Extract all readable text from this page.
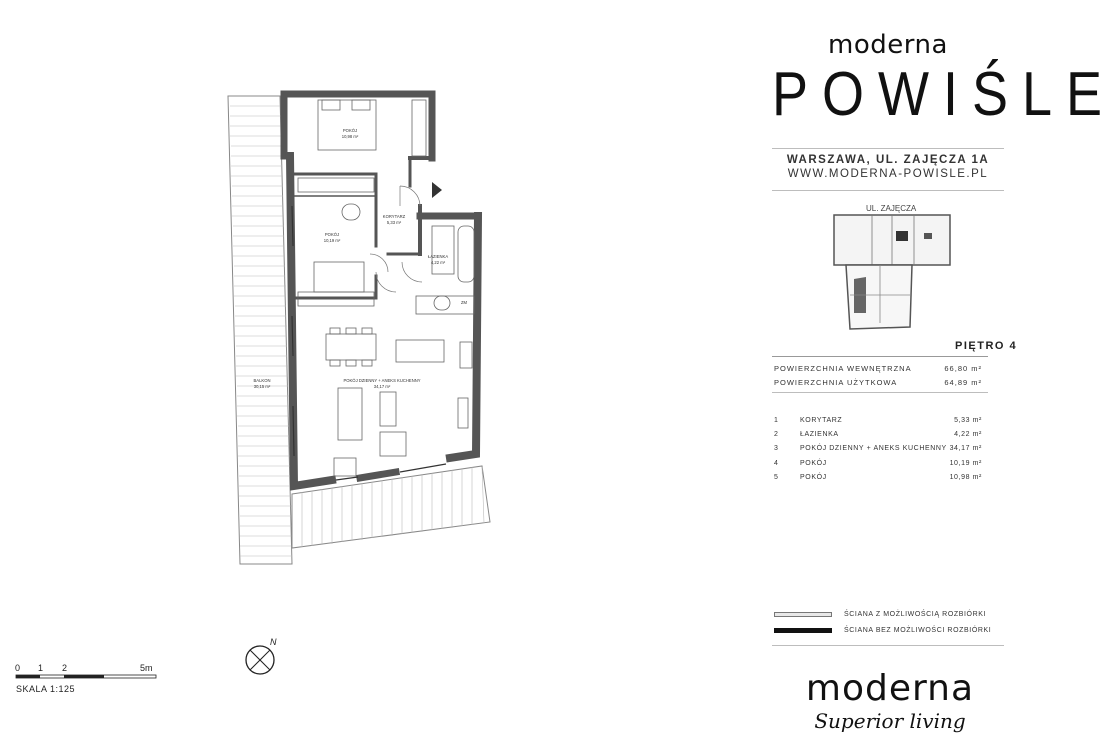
POKÓJ
10,98 m²
KORYTARZ
5,33 m²
POKÓJ
10,19 m²
ŁAZIENKA
4,22 m²
BALKON
30,15 m²
POKÓJ DZIENNY + ANEKS KUCHENNY
34,17 m²
ZM
N
0 1 2	5m
SKALA 1:125
moderna
POWIŚLE
WARSZAWA, UL. ZAJĘCZA 1A
WWW.MODERNA-POWISLE.PL
UL. ZAJĘCZA
PIĘTRO 4
POWIERZCHNIA WEWNĘTRZNA	66,80 m²
POWIERZCHNIA UŻYTKOWA	64,89 m²
1	KORYTARZ	5,33 m²
2	ŁAZIENKA	4,22 m²
3	POKÓJ DZIENNY + ANEKS KUCHENNY 34,17 m²
4	POKÓJ	10,19 m²
5	POKÓJ	10,98 m²
ŚCIANA Z MOŻLIWOŚCIĄ ROZBIÓRKI
ŚCIANA BEZ MOŻLIWOŚCI ROZBIÓRKI
moderna
Superior living
